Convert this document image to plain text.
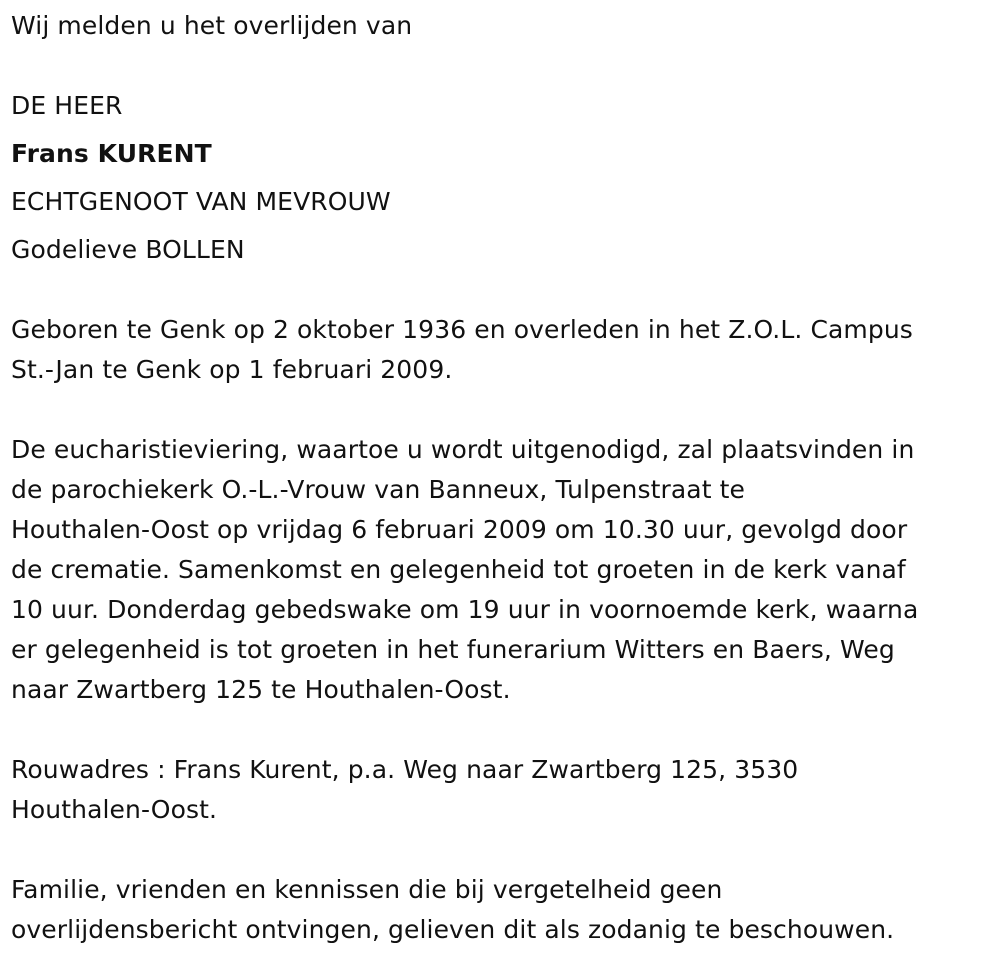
Wij melden u het overlijden van
DE HEER
Frans KURENT
ECHTGENOOT VAN MEVROUW
Godelieve BOLLEN
Geboren te Genk op 2 oktober 1936 en overleden in het Z.O.L. Campus
St.-Jan te Genk op 1 februari 2009.
De eucharistieviering, waartoe u wordt uitgenodigd, zal plaatsvinden in
de parochiekerk O.-L.-Vrouw van Banneux, Tulpenstraat te
Houthalen-Oost op vrijdag 6 februari 2009 om 10.30 uur, gevolgd door
de crematie. Samenkomst en gelegenheid tot groeten in de kerk vanaf
10 uur. Donderdag gebedswake om 19 uur in voornoemde kerk, waarna
er gelegenheid is tot groeten in het funerarium Witters en Baers, Weg
naar Zwartberg 125 te Houthalen-Oost.
Rouwadres : Frans Kurent, p.a. Weg naar Zwartberg 125, 3530
Houthalen-Oost.
Familie, vrienden en kennissen die bij vergetelheid geen
overlijdensbericht ontvingen, gelieven dit als zodanig te beschouwen.
